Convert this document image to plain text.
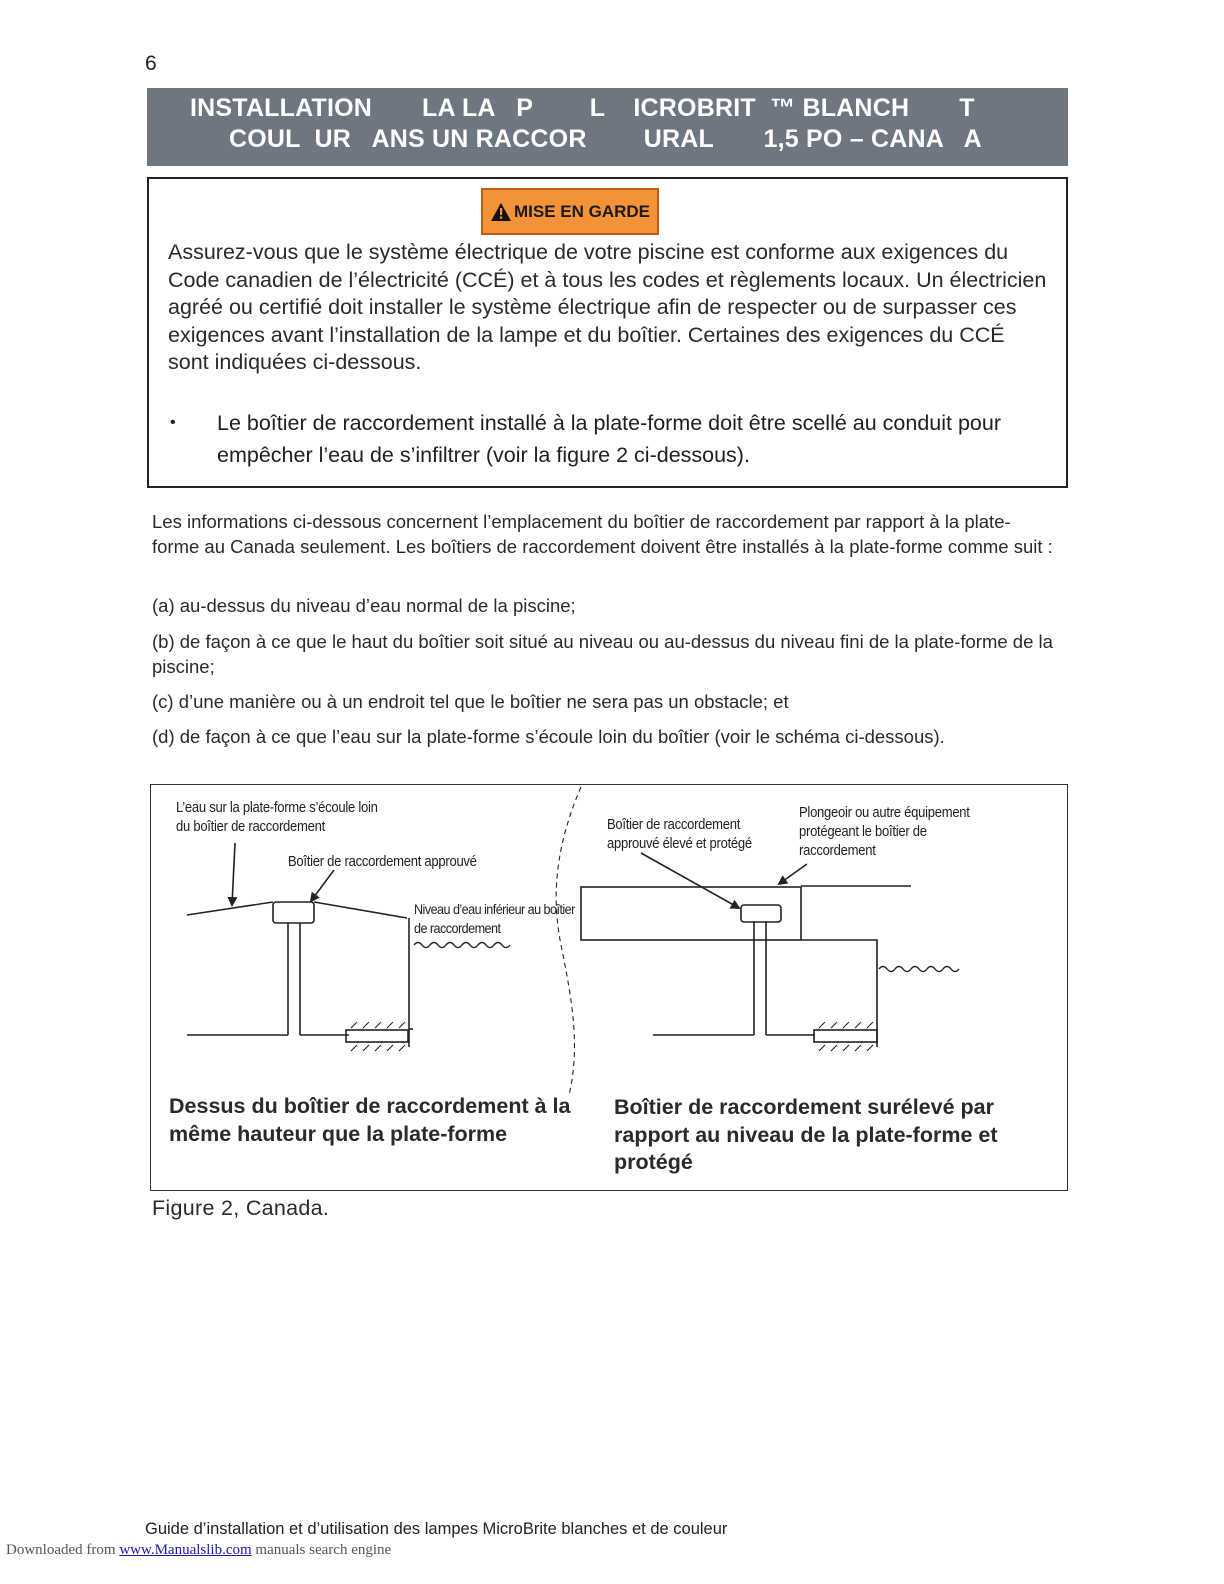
6
INSTALLATION       LA LA   P        L    ICROBRIT  ™ BLANCH       T
COUL  UR   ANS UN RACCOR        URAL       1,5 PO – CANA   A
MISE EN GARDE

Assurez-vous que le système électrique de votre piscine est conforme aux exigences du Code canadien de l’électricité (CCÉ) et à tous les codes et règlements locaux. Un électricien agréé ou certifié doit installer le système électrique afin de respecter ou de surpasser ces exigences avant l’installation de la lampe et du boîtier. Certaines des exigences du CCÉ sont indiquées ci-dessous.

• Le boîtier de raccordement installé à la plate-forme doit être scellé au conduit pour empêcher l’eau de s’infiltrer (voir la figure 2 ci-dessous).

Les informations ci-dessous concernent l’emplacement du boîtier de raccordement par rapport à la plate-forme au Canada seulement. Les boîtiers de raccordement doivent être installés à la plate-forme comme suit :

(a) au-dessus du niveau d’eau normal de la piscine;

(b) de façon à ce que le haut du boîtier soit situé au niveau ou au-dessus du niveau fini de la plate-forme de la piscine;

(c) d’une manière ou à un endroit tel que le boîtier ne sera pas un obstacle; et

(d) de façon à ce que l’eau sur la plate-forme s’écoule loin du boîtier (voir le schéma ci-dessous).

L’eau sur la plate-forme s’écoule loin du boîtier de raccordement
Boîtier de raccordement approuvé
Niveau d’eau inférieur au boîtier de raccordement
Boîtier de raccordement approuvé élevé et protégé
Plongeoir ou autre équipement protégeant le boîtier de raccordement
Dessus du boîtier de raccordement à la même hauteur que la plate-forme
Boîtier de raccordement surélevé par rapport au niveau de la plate-forme et protégé
Figure 2, Canada.
Guide d’installation et d’utilisation des lampes MicroBrite blanches et de couleur
Downloaded from www.Manualslib.com manuals search engine
